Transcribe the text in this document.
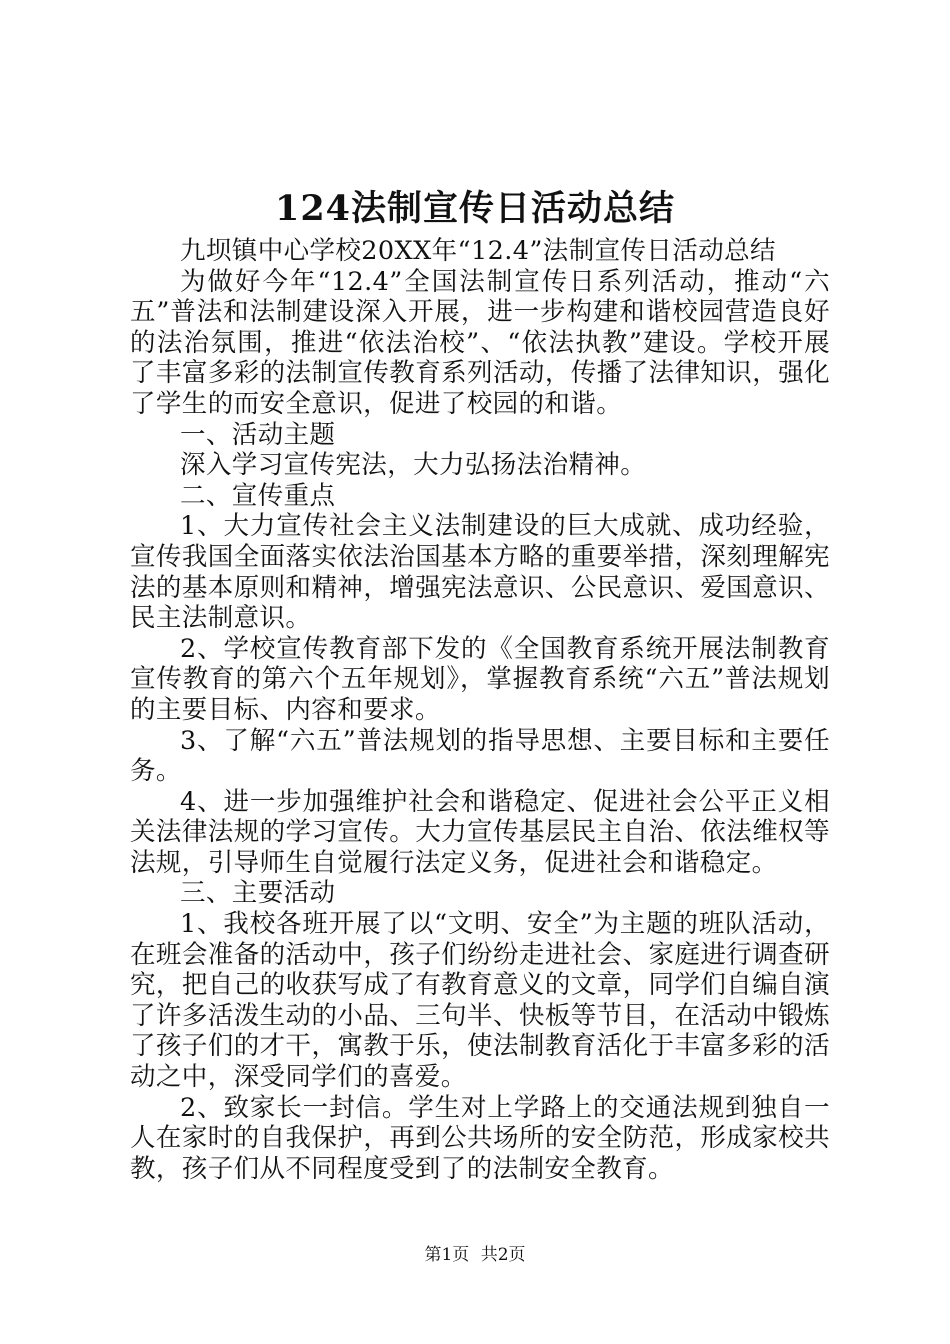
124法制宣传日活动总结

九坝镇中心学校20XX年“12.4”法制宣传日活动总结

为做好今年“12.4”全国法制宣传日系列活动，推动“六五”普法和法制建设深入开展，进一步构建和谐校园营造良好的法治氛围，推进“依法治校”、“依法执教”建设。学校开展了丰富多彩的法制宣传教育系列活动，传播了法律知识，强化了学生的而安全意识，促进了校园的和谐。

一、活动主题

深入学习宣传宪法，大力弘扬法治精神。

二、宣传重点

1、大力宣传社会主义法制建设的巨大成就、成功经验，宣传我国全面落实依法治国基本方略的重要举措，深刻理解宪法的基本原则和精神，增强宪法意识、公民意识、爱国意识、民主法制意识。

2、学校宣传教育部下发的《全国教育系统开展法制教育宣传教育的第六个五年规划》，掌握教育系统“六五”普法规划的主要目标、内容和要求。

3、了解“六五”普法规划的指导思想、主要目标和主要任务。

4、进一步加强维护社会和谐稳定、促进社会公平正义相关法律法规的学习宣传。大力宣传基层民主自治、依法维权等法规，引导师生自觉履行法定义务，促进社会和谐稳定。

三、主要活动

1、我校各班开展了以“文明、安全”为主题的班队活动，在班会准备的活动中，孩子们纷纷走进社会、家庭进行调查研究，把自己的收获写成了有教育意义的文章，同学们自编自演了许多活泼生动的小品、三句半、快板等节目，在活动中锻炼了孩子们的才干，寓教于乐，使法制教育活化于丰富多彩的活动之中，深受同学们的喜爱。

2、致家长一封信。学生对上学路上的交通法规到独自一人在家时的自我保护，再到公共场所的安全防范，形成家校共教，孩子们从不同程度受到了的法制安全教育。

第1页 共2页
